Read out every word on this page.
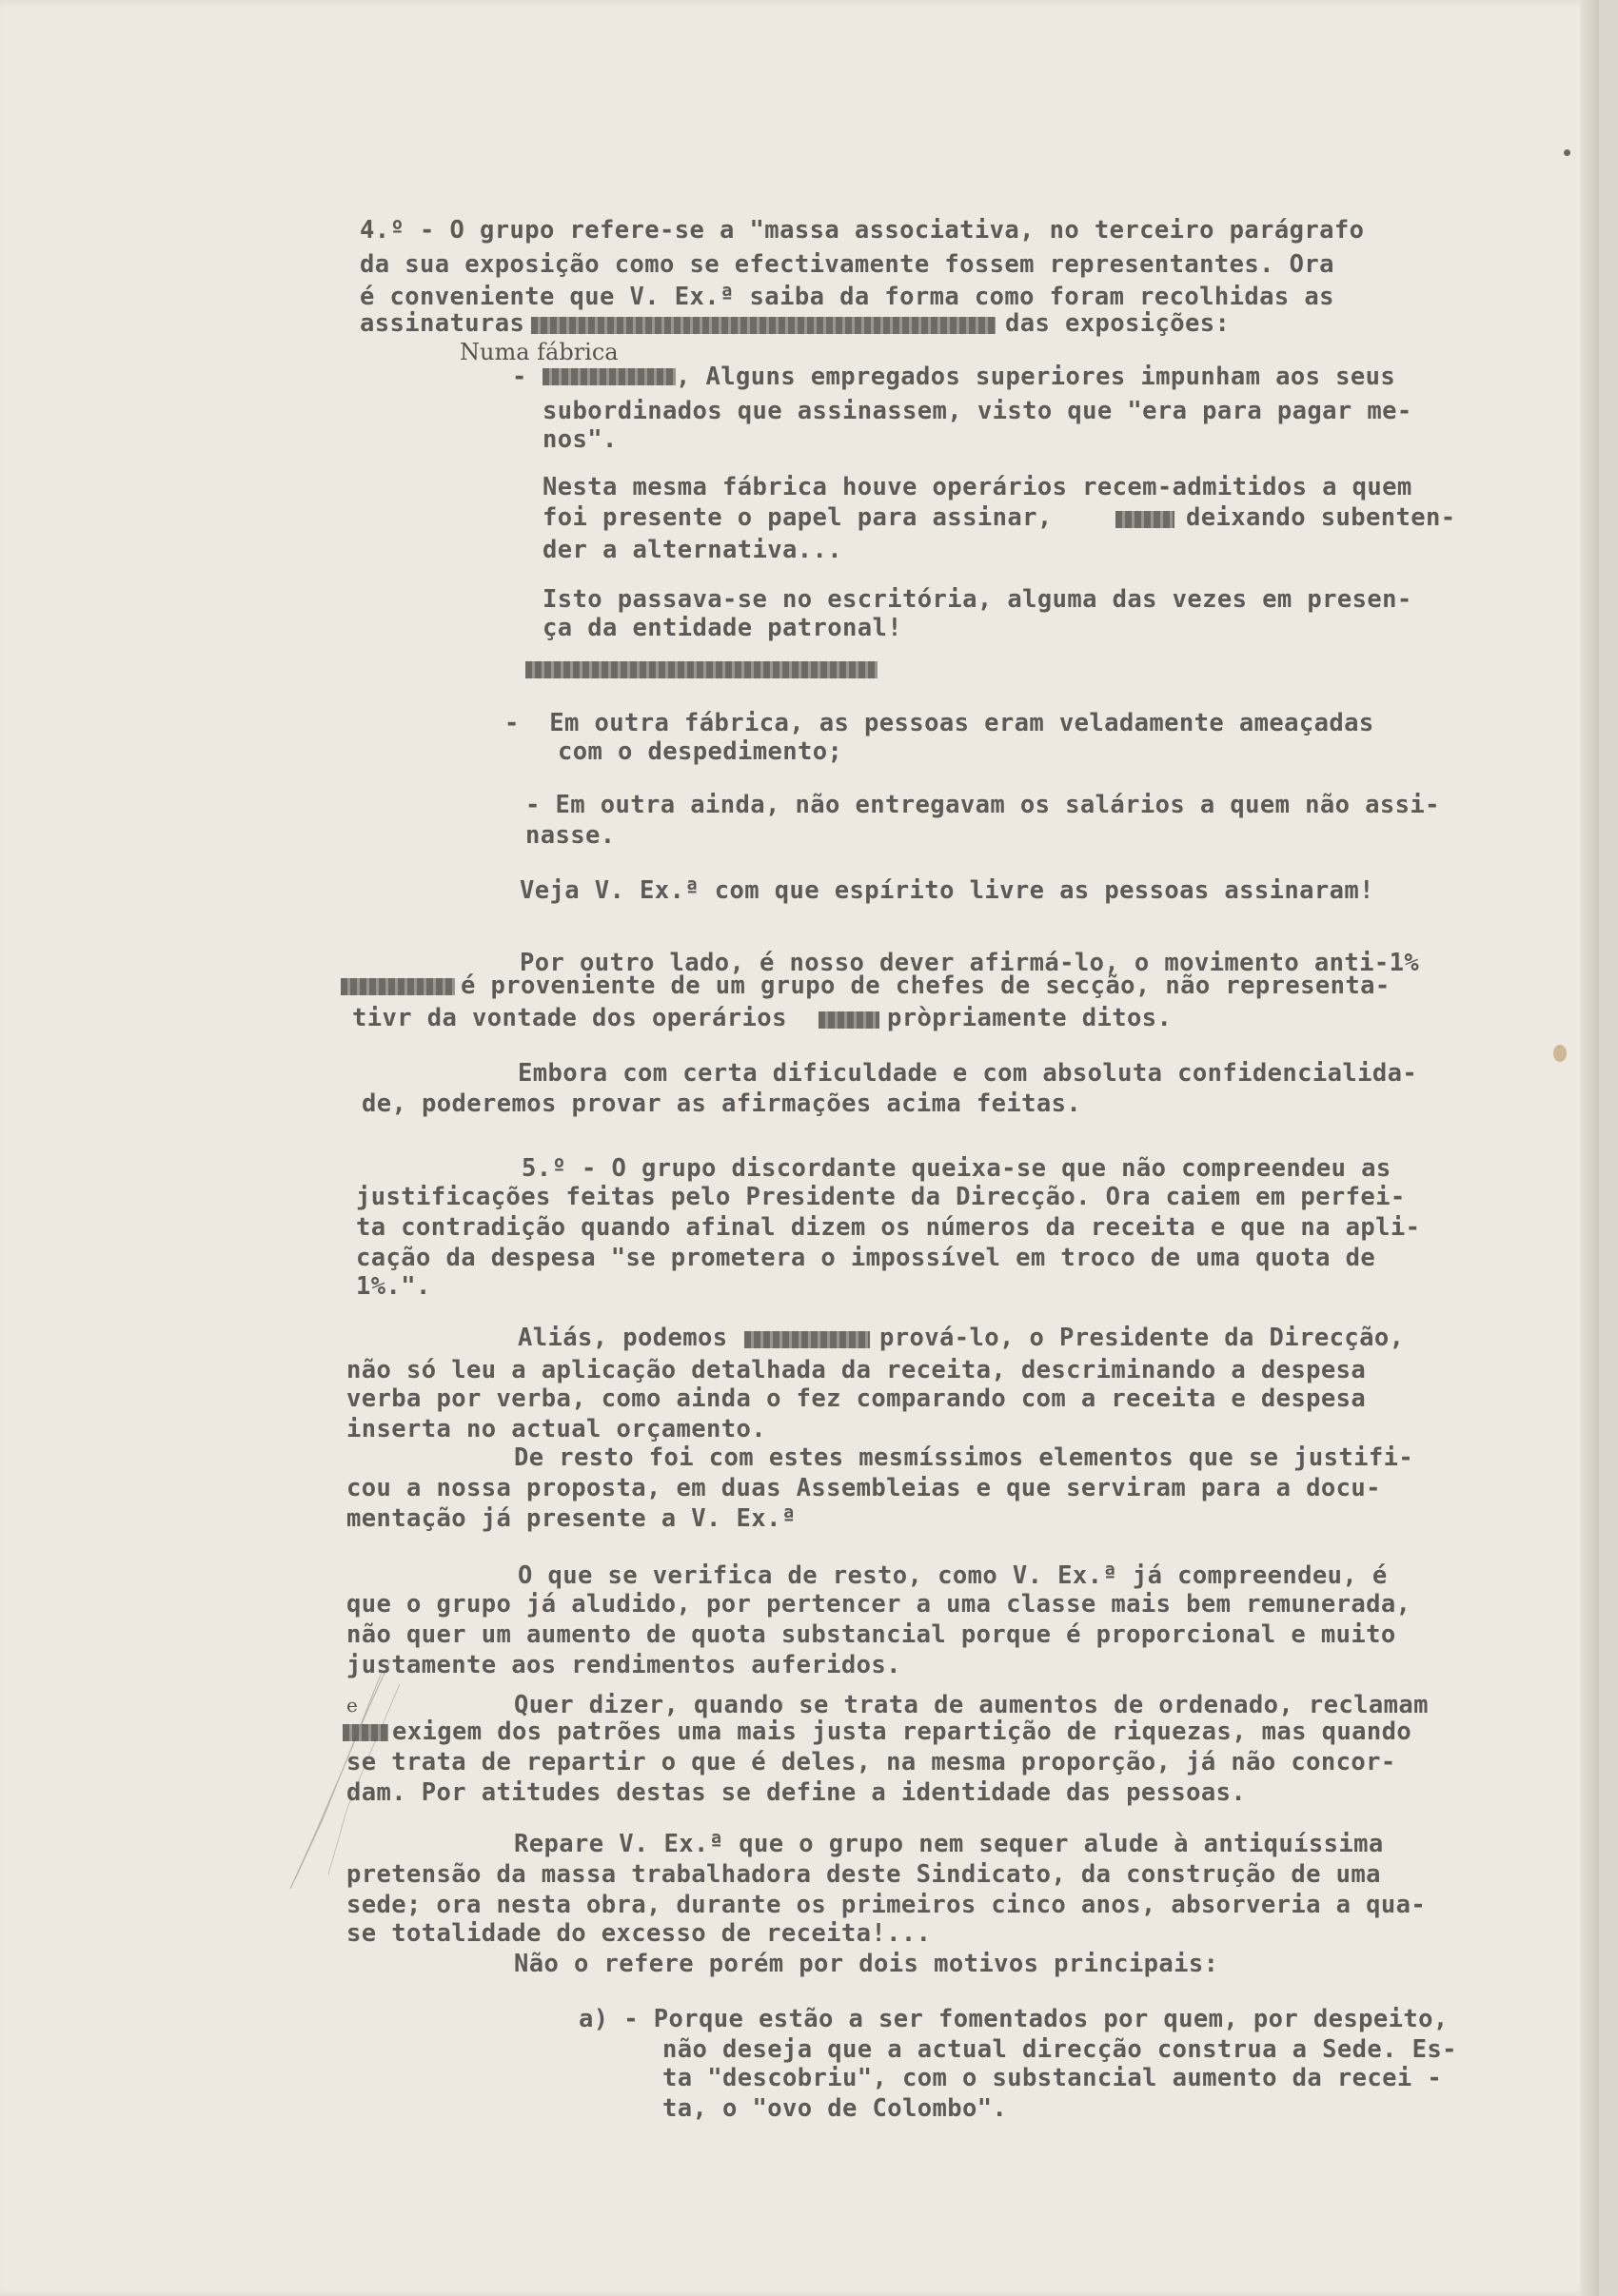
4.º - O grupo refere-se a "massa associativa, no terceiro parágrafo
da sua exposição como se efectivamente fossem representantes. Ora
é conveniente que V. Ex.ª saiba da forma como foram recolhidas as
assinaturas	das exposições:
Numa fábrica
-	, Alguns empregados superiores impunham aos seus
subordinados que assinassem, visto que "era para pagar me-
nos".
Nesta mesma fábrica houve operários recem-admitidos a quem
foi presente o papel para assinar,	deixando subenten-
der a alternativa...
Isto passava-se no escritória, alguma das vezes em presen-
ça da entidade patronal!
-  Em outra fábrica, as pessoas eram veladamente ameaçadas
com o despedimento;
- Em outra ainda, não entregavam os salários a quem não assi-
nasse.
Veja V. Ex.ª com que espírito livre as pessoas assinaram!
Por outro lado, é nosso dever afirmá-lo, o movimento anti-1%
é proveniente de um grupo de chefes de secção, não representa-
tivr da vontade dos operários	pròpriamente ditos.
Embora com certa dificuldade e com absoluta confidencialida-
de, poderemos provar as afirmações acima feitas.
5.º - O grupo discordante queixa-se que não compreendeu as
justificações feitas pelo Presidente da Direcção. Ora caiem em perfei-
ta contradição quando afinal dizem os números da receita e que na apli-
cação da despesa "se prometera o impossível em troco de uma quota de
1%.".
Aliás, podemos	prová-lo, o Presidente da Direcção,
não só leu a aplicação detalhada da receita, descriminando a despesa
verba por verba, como ainda o fez comparando com a receita e despesa
inserta no actual orçamento.
De resto foi com estes mesmíssimos elementos que se justifi-
cou a nossa proposta, em duas Assembleias e que serviram para a docu-
mentação já presente a V. Ex.ª
O que se verifica de resto, como V. Ex.ª já compreendeu, é
que o grupo já aludido, por pertencer a uma classe mais bem remunerada,
não quer um aumento de quota substancial porque é proporcional e muito
justamente aos rendimentos auferidos.
Quer dizer, quando se trata de aumentos de ordenado, reclamam
e
exigem dos patrões uma mais justa repartição de riquezas, mas quando
se trata de repartir o que é deles, na mesma proporção, já não concor-
dam. Por atitudes destas se define a identidade das pessoas.
Repare V. Ex.ª que o grupo nem sequer alude à antiquíssima
pretensão da massa trabalhadora deste Sindicato, da construção de uma
sede; ora nesta obra, durante os primeiros cinco anos, absorveria a qua-
se totalidade do excesso de receita!...
Não o refere porém por dois motivos principais:
a) - Porque estão a ser fomentados por quem, por despeito,
não deseja que a actual direcção construa a Sede. Es-
ta "descobriu", com o substancial aumento da recei -
ta, o "ovo de Colombo".
